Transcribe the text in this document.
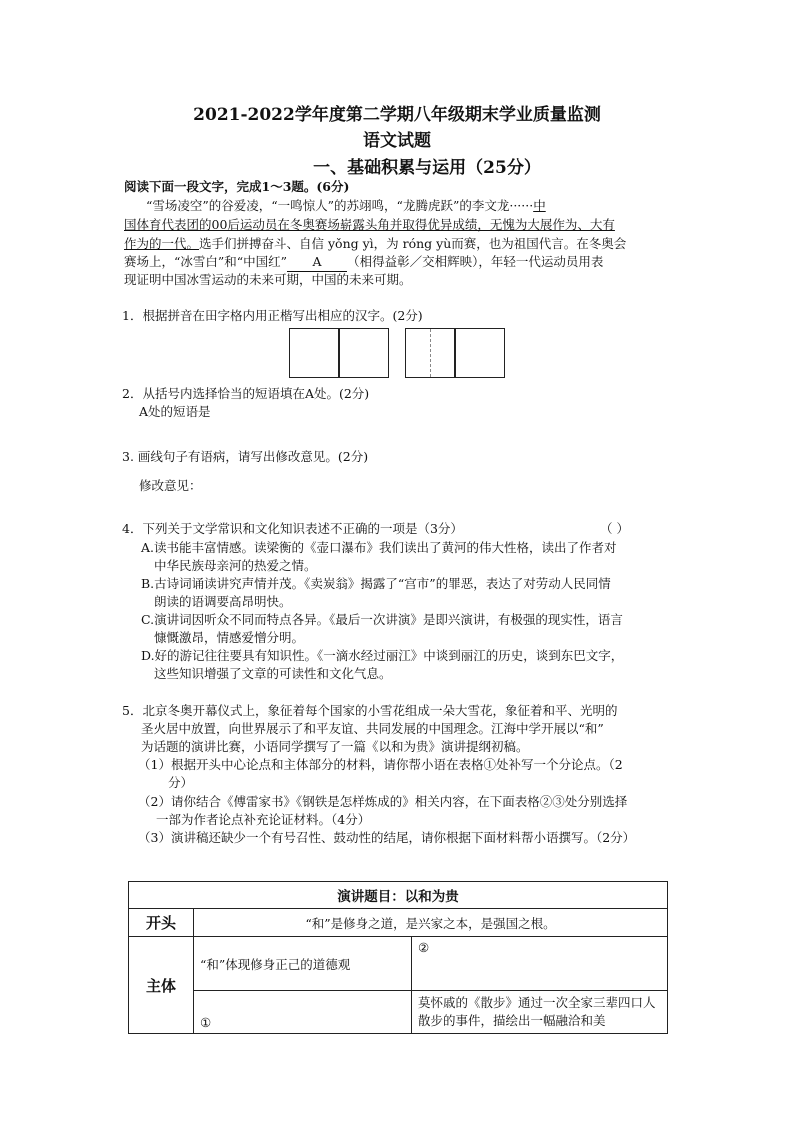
2021-2022学年度第二学期八年级期末学业质量监测
语文试题
一、基础积累与运用（25分）
阅读下面一段文字，完成1～3题。(6分)
“雪场凌空”的谷爱凌，“一鸣惊人”的苏翊鸣，“龙腾虎跃”的李文龙······中
国体育代表团的00后运动员在冬奥赛场崭露头角并取得优异成绩，无愧为大展作为、大有
作为的一代。选手们拼搏奋斗、自信 yǒng yì，为 róng yù而赛，也为祖国代言。在冬奥会
赛场上，“冰雪白”和“中国红” A （相得益彰／交相辉映），年轻一代运动员用表
现证明中国冰雪运动的未来可期，中国的未来可期。
1．根据拼音在田字格内用正楷写出相应的汉字。(2分)
2．从括号内选择恰当的短语填在A处。(2分)
A处的短语是
3. 画线句子有语病，请写出修改意见。(2分)
修改意见：
4．下列关于文学常识和文化知识表述不正确的一项是（3分）	（ ）
A.读书能丰富情感。读梁衡的《壶口瀑布》我们读出了黄河的伟大性格，读出了作者对
中华民族母亲河的热爱之情。
B.古诗词诵读讲究声情并茂。《卖炭翁》揭露了“宫市”的罪恶，表达了对劳动人民同情
朗读的语调要高昂明快。
C.演讲词因听众不同而特点各异。《最后一次讲演》是即兴演讲，有极强的现实性，语言
慷慨激昂，情感爱憎分明。
D.好的游记往往要具有知识性。《一滴水经过丽江》中谈到丽江的历史，谈到东巴文字，
这些知识增强了文章的可读性和文化气息。
5．北京冬奥开幕仪式上，象征着每个国家的小雪花组成一朵大雪花，象征着和平、光明的
圣火居中放置，向世界展示了和平友谊、共同发展的中国理念。江海中学开展以“和”
为话题的演讲比赛，小语同学撰写了一篇《以和为贵》演讲提纲初稿。
（1）根据开头中心论点和主体部分的材料，请你帮小语在表格①处补写一个分论点。（2
分）
（2）请你结合《傅雷家书》《钢铁是怎样炼成的》相关内容，在下面表格②③处分别选择
一部为作者论点补充论证材料。（4分）
（3）演讲稿还缺少一个有号召性、鼓动性的结尾，请你根据下面材料帮小语撰写。（2分）
演讲题目：以和为贵		
开头	“和”是修身之道，是兴家之本，是强国之根。	
主体	“和”体现修身正己的道德观	②
	①	莫怀戚的《散步》通过一次全家三辈四口人散步的事件，描绘出一幅融洽和美
